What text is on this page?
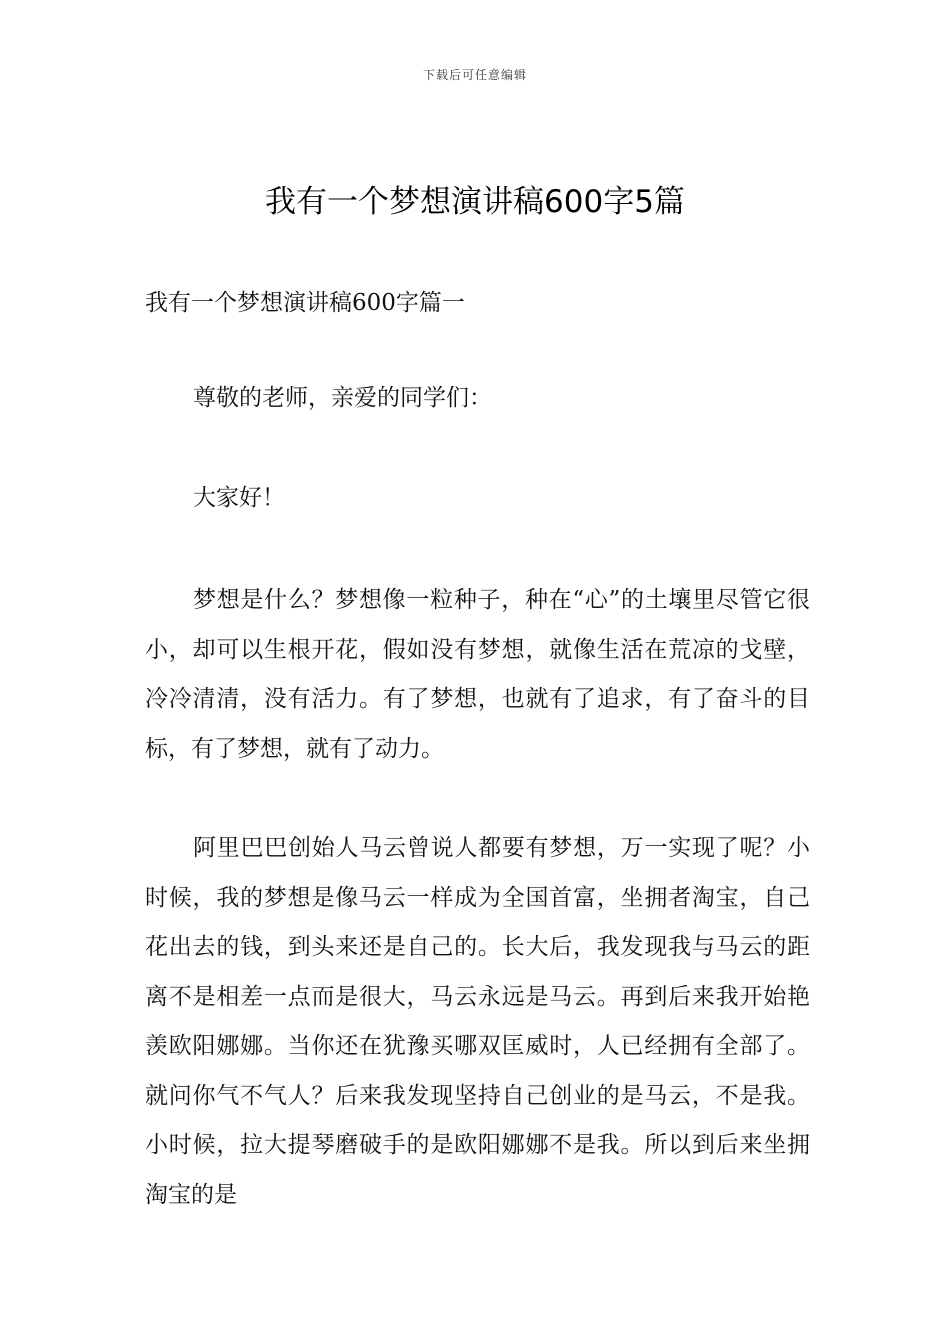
下载后可任意编辑
我有一个梦想演讲稿600字5篇
我有一个梦想演讲稿600字篇一

尊敬的老师，亲爱的同学们：

大家好！

梦想是什么？梦想像一粒种子，种在“心”的土壤里尽管它很小，却可以生根开花，假如没有梦想，就像生活在荒凉的戈壁，冷冷清清，没有活力。有了梦想，也就有了追求，有了奋斗的目标，有了梦想，就有了动力。

阿里巴巴创始人马云曾说人都要有梦想，万一实现了呢？小时候，我的梦想是像马云一样成为全国首富，坐拥者淘宝，自己花出去的钱，到头来还是自己的。长大后，我发现我与马云的距离不是相差一点而是很大，马云永远是马云。再到后来我开始艳羡欧阳娜娜。当你还在犹豫买哪双匡威时，人已经拥有全部了。就问你气不气人？后来我发现坚持自己创业的是马云，不是我。小时候，拉大提琴磨破手的是欧阳娜娜不是我。所以到后来坐拥淘宝的是
